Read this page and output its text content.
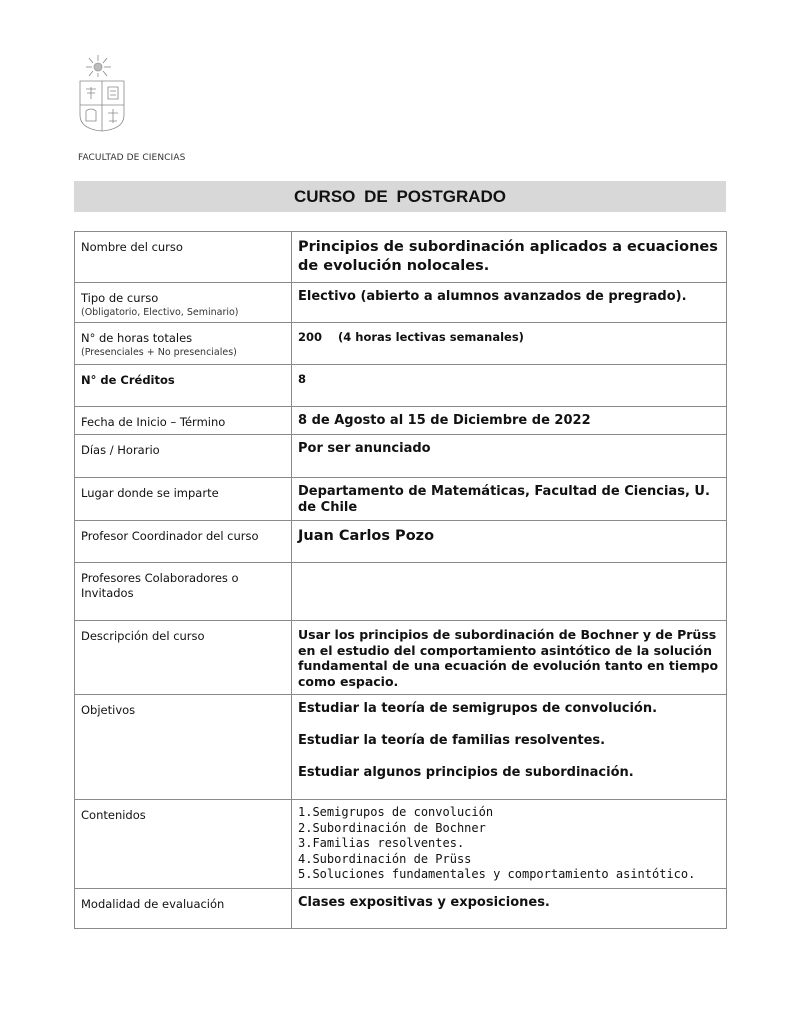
FACULTAD DE CIENCIAS
CURSO DE POSTGRADO
Nombre del curso	Principios de subordinación aplicados a ecuaciones de evolución nolocales.
Tipo de curso
(Obligatorio, Electivo, Seminario)	Electivo (abierto a alumnos avanzados de pregrado).
N° de horas totales
(Presenciales + No presenciales)	200    (4 horas lectivas semanales)
N° de Créditos	8
Fecha de Inicio – Término	8 de Agosto al 15 de Diciembre de 2022
Días / Horario	Por ser anunciado
Lugar donde se imparte	Departamento de Matemáticas, Facultad de Ciencias, U. de Chile
Profesor Coordinador del curso	Juan Carlos Pozo
Profesores Colaboradores o Invitados	
Descripción del curso	Usar los principios de subordinación de Bochner y de Prüss en el estudio del comportamiento asintótico de la solución fundamental de una ecuación de evolución tanto en tiempo como espacio.
Objetivos	Estudiar la teoría de semigrupos de convolución.

Estudiar la teoría de familias resolventes.

Estudiar algunos principios de subordinación.

Contenidos	1.Semigrupos de convolución
2.Subordinación de Bochner
3.Familias resolventes.
4.Subordinación de Prüss
5.Soluciones fundamentales y comportamiento asintótico.

Modalidad de evaluación	Clases expositivas y exposiciones.
